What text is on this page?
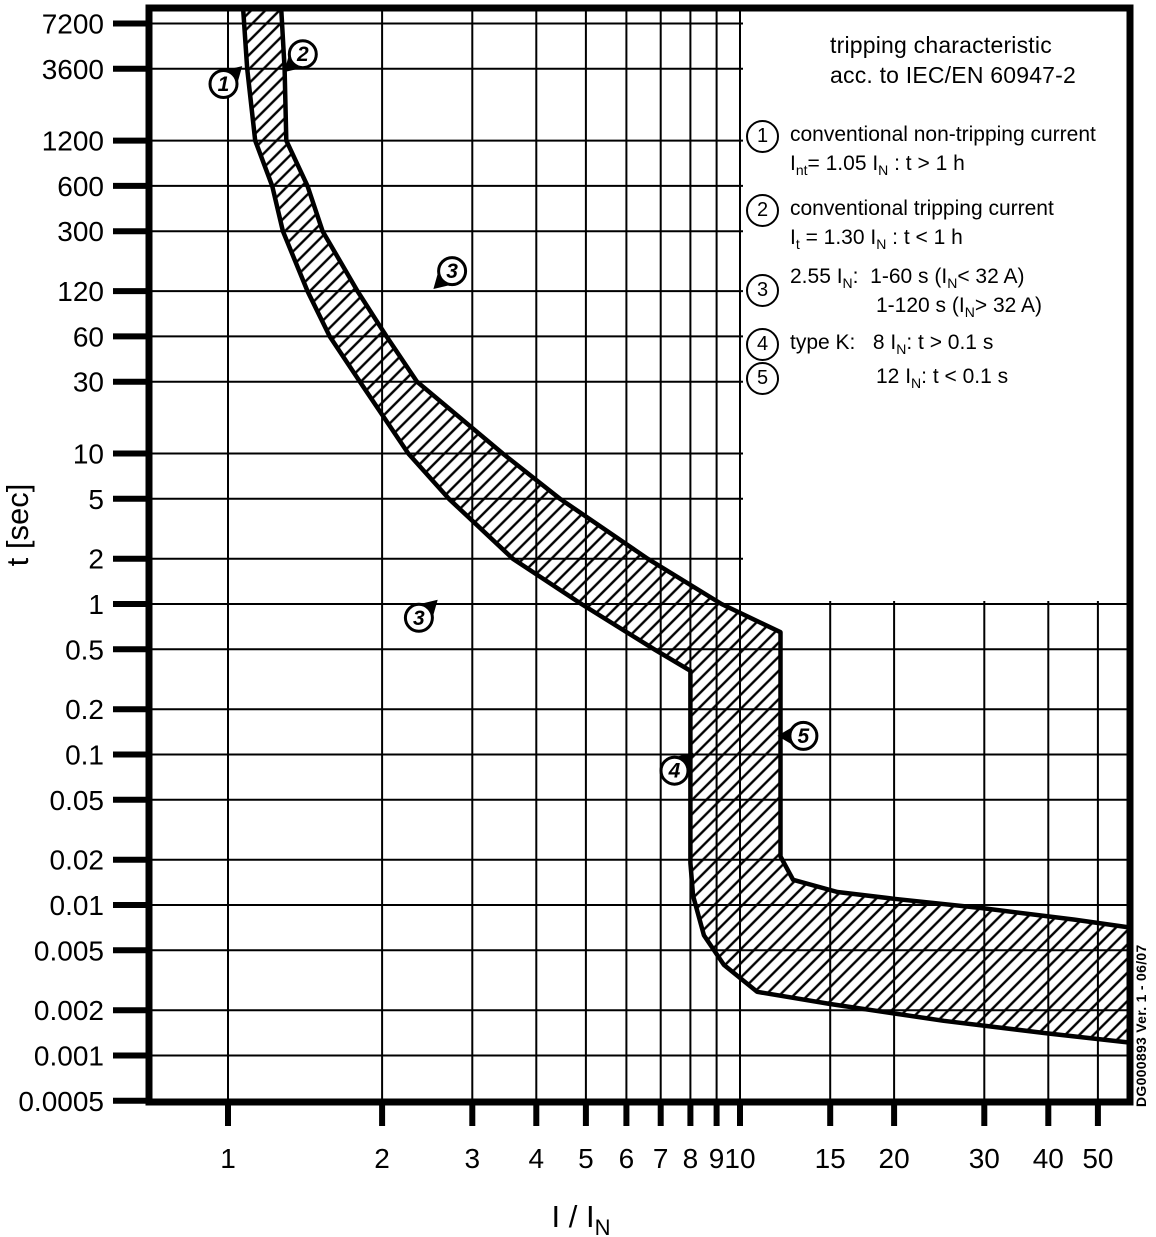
1	2	3 4 5 6 7 8 9 10 15 20 30 40 50
7200
3600
1200
600
300
120
60
30
10
5
2
1
0.5
0.2
0.1
0.05
0.02
0.01
0.005
0.002
0.001
0.0005
t [sec]
I / $I_N$
1
2
3
3
4
5
tripping characteristic
acc. to IEC/EN 60947-2
1	conventional non-tripping current
$I_{nt}= 1.05$ $I_N$ : t > 1 h
2	conventional tripping current
$I_t = 1.30$ $I_N$ : t < 1 h
3
2.55 $I_N$:  1-60 s ($I_N< 32$ A)
1-120 s ($I_N> 32$ A)
4	type K:   8 $I_N$: t > 0.1 s
5	12 $I_N$: t < 0.1 s
DG000893 Ver. 1 - 06/07
